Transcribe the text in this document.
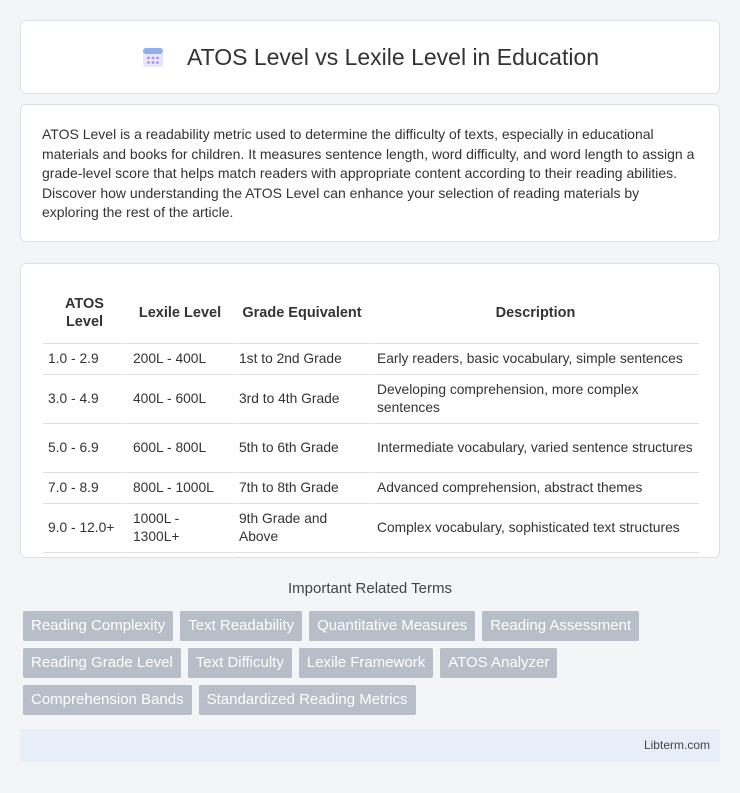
ATOS Level vs Lexile Level in Education

ATOS Level is a readability metric used to determine the difficulty of texts, especially in educational materials and books for children. It measures sentence length, word difficulty, and word length to assign a grade-level score that helps match readers with appropriate content according to their reading abilities. Discover how understanding the ATOS Level can enhance your selection of reading materials by exploring the rest of the article.

ATOS Level	Lexile Level	Grade Equivalent	Description
1.0 - 2.9	200L - 400L	1st to 2nd Grade	Early readers, basic vocabulary, simple sentences
3.0 - 4.9	400L - 600L	3rd to 4th Grade	Developing comprehension, more complex sentences
5.0 - 6.9	600L - 800L	5th to 6th Grade	Intermediate vocabulary, varied sentence structures
7.0 - 8.9	800L - 1000L	7th to 8th Grade	Advanced comprehension, abstract themes
9.0 - 12.0+	1000L - 1300L+	9th Grade and Above	Complex vocabulary, sophisticated text structures
Important Related Terms
Reading Complexity	Text Readability	Quantitative Measures	Reading Assessment
Reading Grade Level	Text Difficulty	Lexile Framework	ATOS Analyzer
Comprehension Bands	Standardized Reading Metrics
Libterm.com
